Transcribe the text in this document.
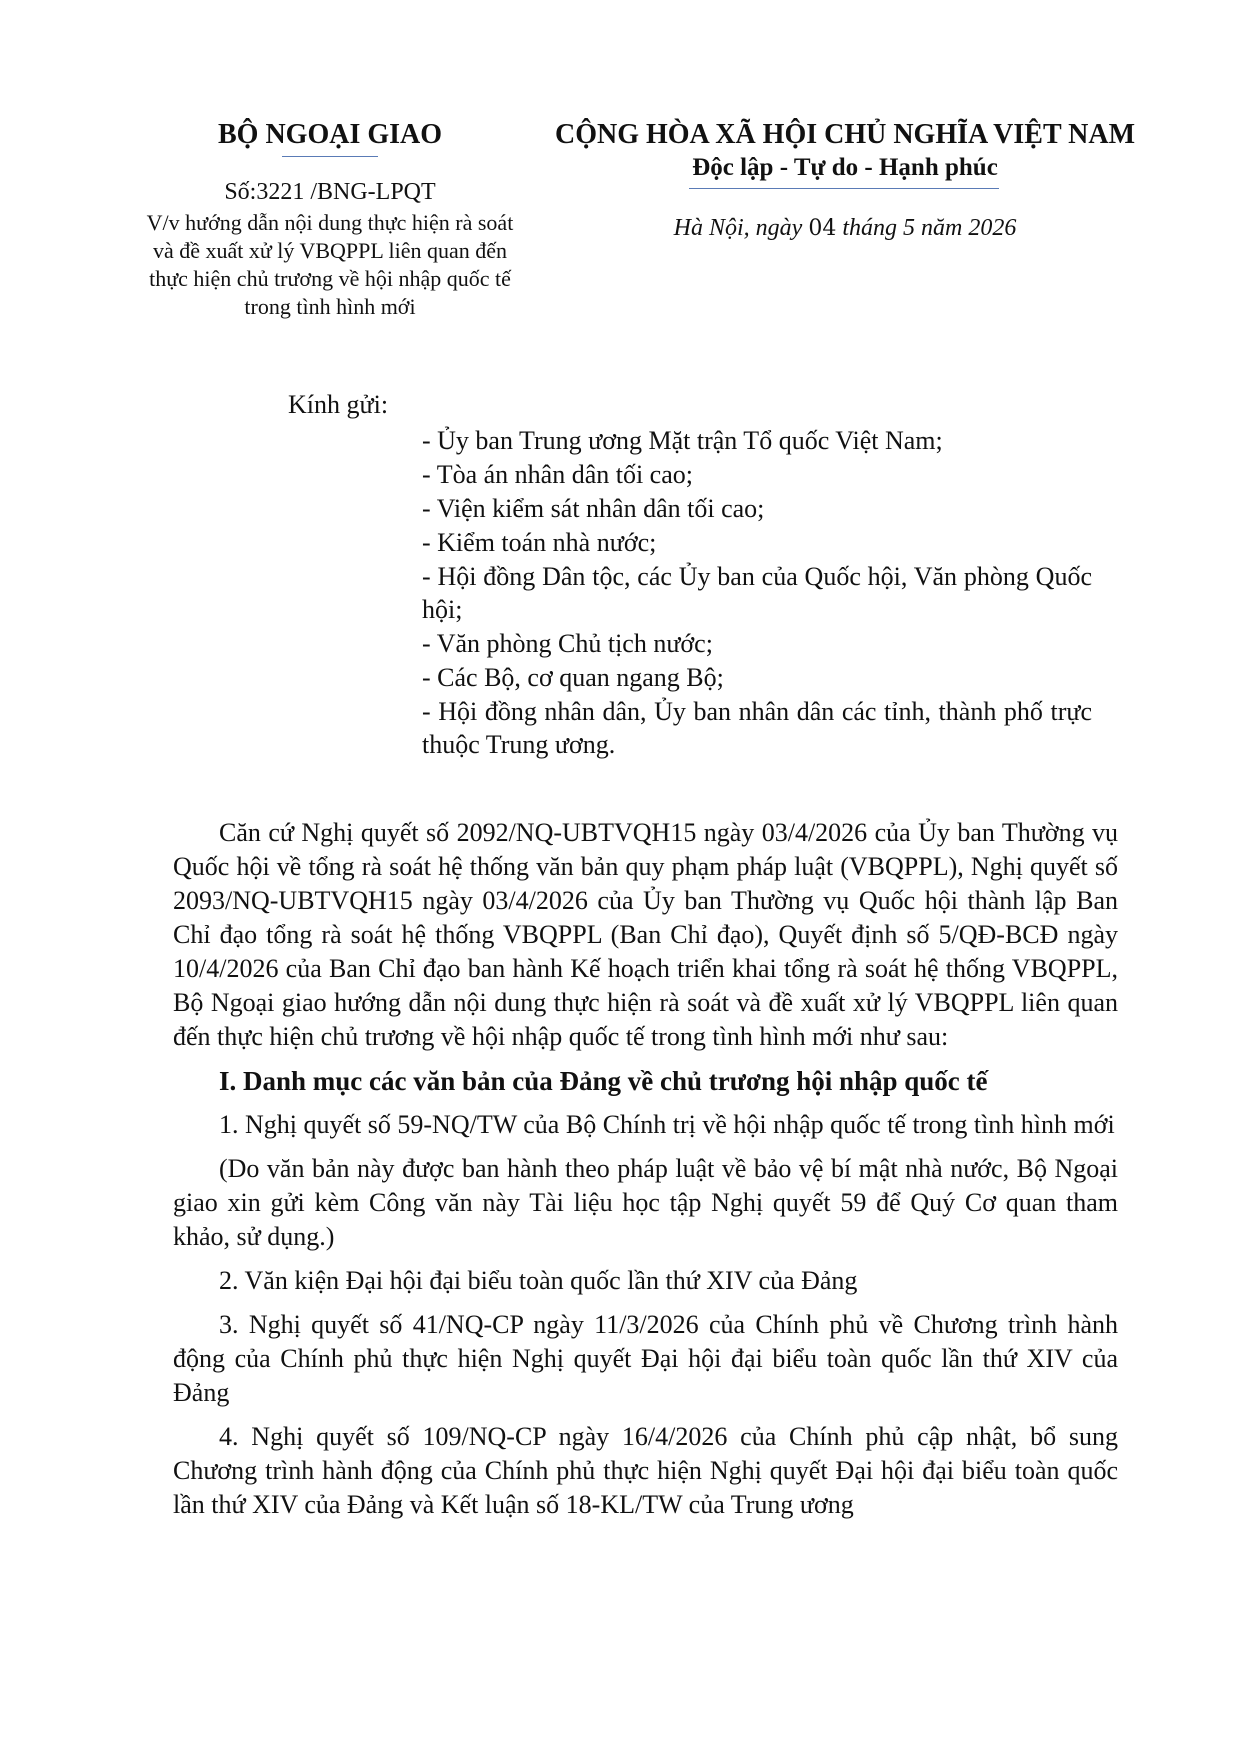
BỘ NGOẠI GIAO
Số:3221 /BNG-LPQT
V/v hướng dẫn nội dung thực hiện rà soát
và đề xuất xử lý VBQPPL liên quan đến
thực hiện chủ trương về hội nhập quốc tế
trong tình hình mới
CỘNG HÒA XÃ HỘI CHỦ NGHĨA VIỆT NAM
Độc lập - Tự do - Hạnh phúc
Hà Nội, ngày 04 tháng 5 năm 2026
Kính gửi:
- Ủy ban Trung ương Mặt trận Tổ quốc Việt Nam;
- Tòa án nhân dân tối cao;
- Viện kiểm sát nhân dân tối cao;
- Kiểm toán nhà nước;
- Hội đồng Dân tộc, các Ủy ban của Quốc hội, Văn phòng Quốc hội;
- Văn phòng Chủ tịch nước;
- Các Bộ, cơ quan ngang Bộ;
- Hội đồng nhân dân, Ủy ban nhân dân các tỉnh, thành phố trực thuộc Trung ương.

Căn cứ Nghị quyết số 2092/NQ-UBTVQH15 ngày 03/4/2026 của Ủy ban Thường vụ Quốc hội về tổng rà soát hệ thống văn bản quy phạm pháp luật (VBQPPL), Nghị quyết số 2093/NQ-UBTVQH15 ngày 03/4/2026 của Ủy ban Thường vụ Quốc hội thành lập Ban Chỉ đạo tổng rà soát hệ thống VBQPPL (Ban Chỉ đạo), Quyết định số 5/QĐ-BCĐ ngày 10/4/2026 của Ban Chỉ đạo ban hành Kế hoạch triển khai tổng rà soát hệ thống VBQPPL, Bộ Ngoại giao hướng dẫn nội dung thực hiện rà soát và đề xuất xử lý VBQPPL liên quan đến thực hiện chủ trương về hội nhập quốc tế trong tình hình mới như sau:

I. Danh mục các văn bản của Đảng về chủ trương hội nhập quốc tế

1. Nghị quyết số 59-NQ/TW của Bộ Chính trị về hội nhập quốc tế trong tình hình mới

(Do văn bản này được ban hành theo pháp luật về bảo vệ bí mật nhà nước, Bộ Ngoại giao xin gửi kèm Công văn này Tài liệu học tập Nghị quyết 59 để Quý Cơ quan tham khảo, sử dụng.)

2. Văn kiện Đại hội đại biểu toàn quốc lần thứ XIV của Đảng

3. Nghị quyết số 41/NQ-CP ngày 11/3/2026 của Chính phủ về Chương trình hành động của Chính phủ thực hiện Nghị quyết Đại hội đại biểu toàn quốc lần thứ XIV của Đảng

4. Nghị quyết số 109/NQ-CP ngày 16/4/2026 của Chính phủ cập nhật, bổ sung Chương trình hành động của Chính phủ thực hiện Nghị quyết Đại hội đại biểu toàn quốc lần thứ XIV của Đảng và Kết luận số 18-KL/TW của Trung ương
